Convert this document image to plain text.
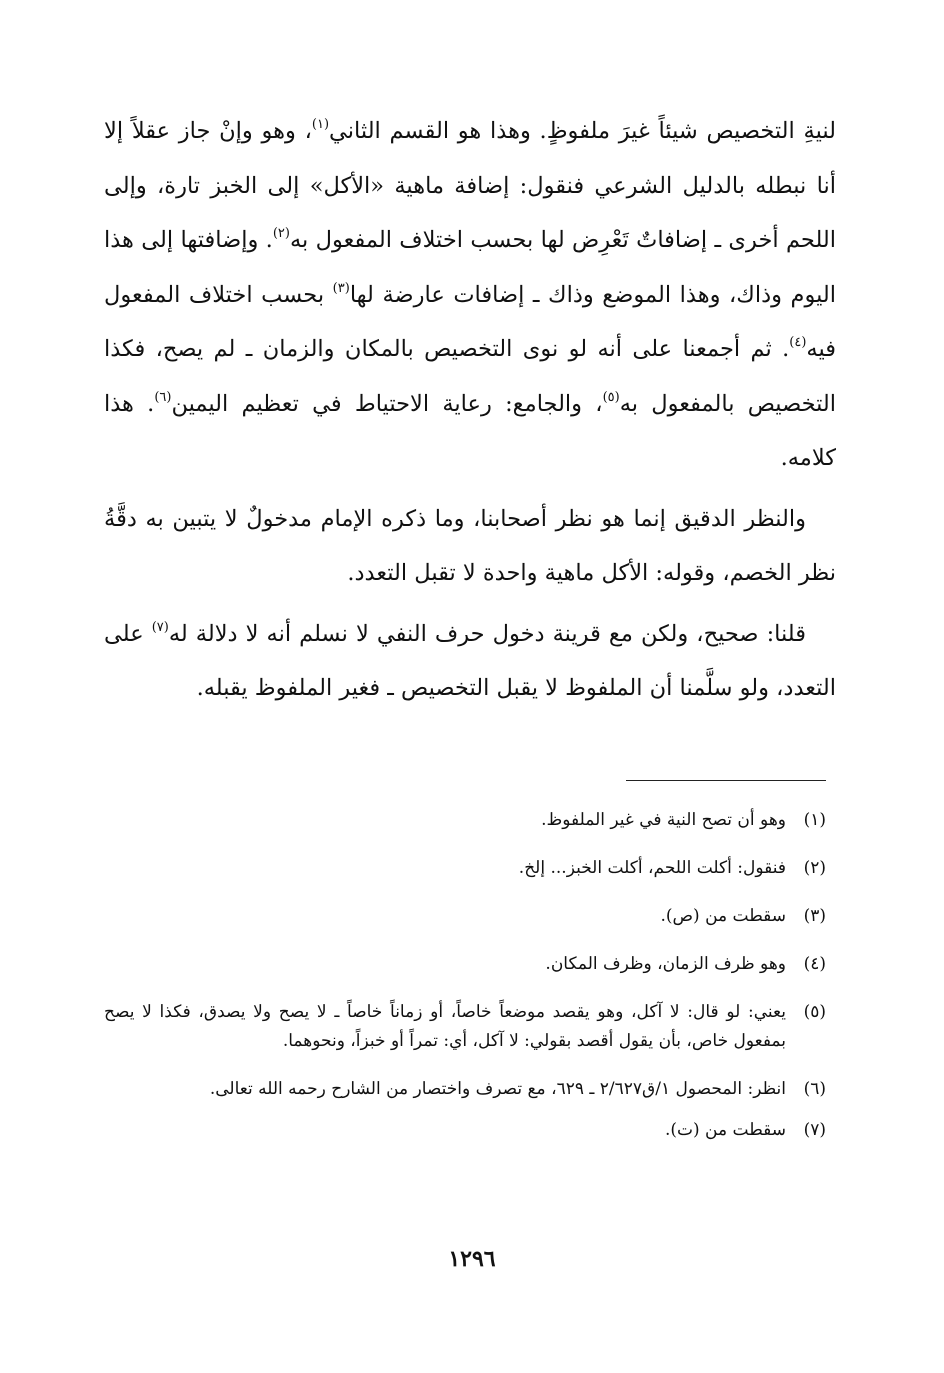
لنيةِ التخصيص شيئاً غيرَ ملفوظٍ. وهذا هو القسم الثاني$^{(١)}$، وهو وإنْ جاز عقلاً إلا أنا نبطله بالدليل الشرعي فنقول: إضافة ماهية «الأكل» إلى الخبز تارة، وإلى اللحم أخرى ـ إضافاتٌ تَعْرِض لها بحسب اختلاف المفعول به$^{(٢)}$. وإضافتها إلى هذا اليوم وذاك، وهذا الموضع وذاك ـ إضافات عارضة لها$^{(٣)}$ بحسب اختلاف المفعول فيه$^{(٤)}$. ثم أجمعنا على أنه لو نوى التخصيص بالمكان والزمان ـ لم يصح، فكذا التخصيص بالمفعول به$^{(٥)}$، والجامع: رعاية الاحتياط في تعظيم اليمين$^{(٦)}$. هذا كلامه.

والنظر الدقيق إنما هو نظر أصحابنا، وما ذكره الإمام مدخولٌ لا يتبين به دقَّةُ نظر الخصم، وقوله: الأكل ماهية واحدة لا تقبل التعدد.

قلنا: صحيح، ولكن مع قرينة دخول حرف النفي لا نسلم أنه لا دلالة له$^{(٧)}$ على التعدد، ولو سلَّمنا أن الملفوظ لا يقبل التخصيص ـ فغير الملفوظ يقبله.

(١)
وهو أن تصح النية في غير الملفوظ.
(٢)
فنقول: أكلت اللحم، أكلت الخبز... إلخ.
(٣)
سقطت من (ص).
(٤)
وهو ظرف الزمان، وظرف المكان.
(٥)
يعني: لو قال: لا آكل، وهو يقصد موضعاً خاصاً، أو زماناً خاصاً ـ لا يصح ولا يصدق، فكذا لا يصح بمفعول خاص، بأن يقول أقصد بقولي: لا آكل، أي: تمراً أو خبزاً، ونحوهما.
(٦)
انظر: المحصول ١/ق٢/٦٢٧ ـ ٦٢٩، مع تصرف واختصار من الشارح رحمه الله تعالى.
(٧)
سقطت من (ت).
١٢٩٦
